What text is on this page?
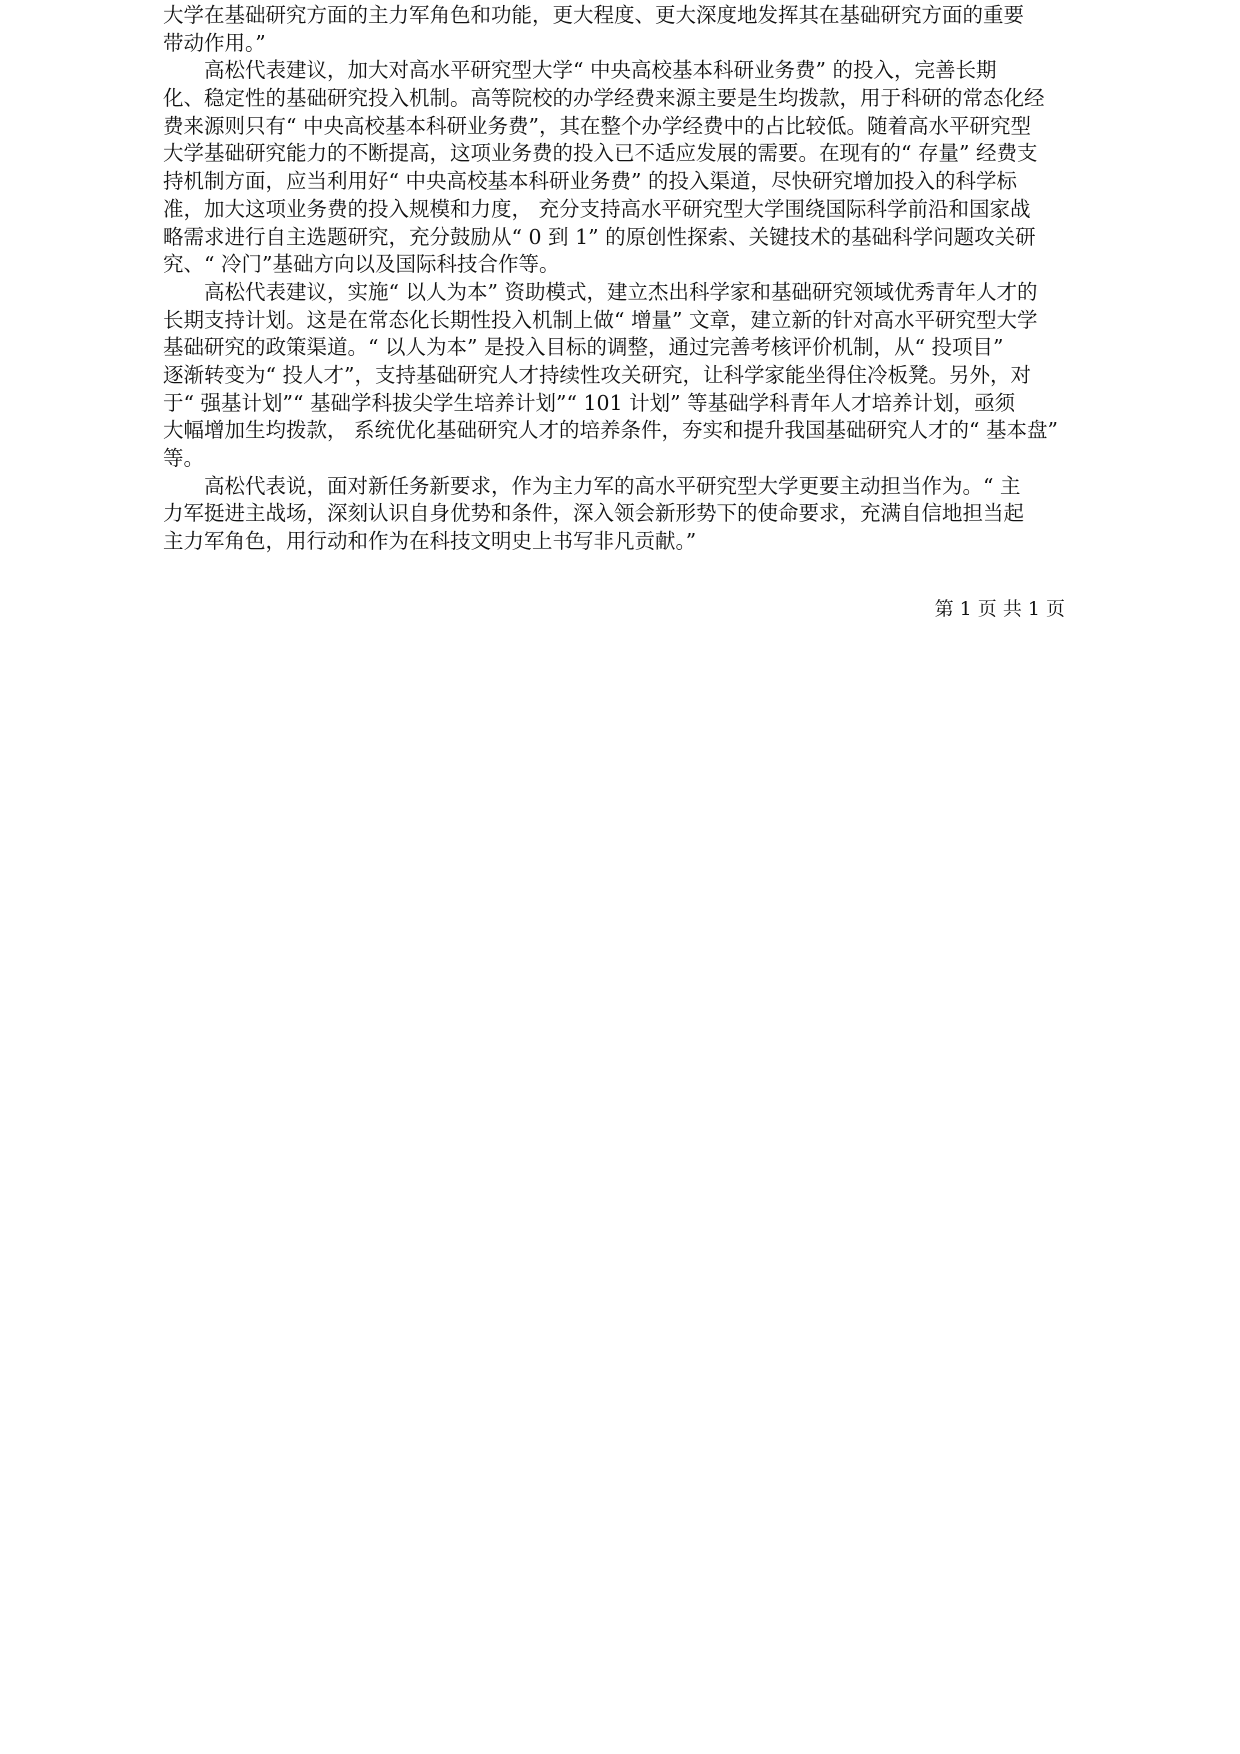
大学在基础研究方面的主力军角色和功能，更大程度、更大深度地发挥其在基础研究方面的重要
带动作用。”
　　高松代表建议，加大对高水平研究型大学“ 中央高校基本科研业务费” 的投入，完善长期
化、稳定性的基础研究投入机制。高等院校的办学经费来源主要是生均拨款，用于科研的常态化经
费来源则只有“ 中央高校基本科研业务费”，其在整个办学经费中的占比较低。随着高水平研究型
大学基础研究能力的不断提高，这项业务费的投入已不适应发展的需要。在现有的“ 存量” 经费支
持机制方面，应当利用好“ 中央高校基本科研业务费” 的投入渠道，尽快研究增加投入的科学标
准，加大这项业务费的投入规模和力度， 充分支持高水平研究型大学围绕国际科学前沿和国家战
略需求进行自主选题研究，充分鼓励从“ 0 到 1” 的原创性探索、关键技术的基础科学问题攻关研
究、“ 冷门”基础方向以及国际科技合作等。
　　高松代表建议，实施“ 以人为本” 资助模式，建立杰出科学家和基础研究领域优秀青年人才的
长期支持计划。这是在常态化长期性投入机制上做“ 增量” 文章，建立新的针对高水平研究型大学
基础研究的政策渠道。“ 以人为本” 是投入目标的调整，通过完善考核评价机制，从“ 投项目”
逐渐转变为“ 投人才”，支持基础研究人才持续性攻关研究，让科学家能坐得住冷板凳。另外，对
于“ 强基计划”“ 基础学科拔尖学生培养计划”“ 101 计划” 等基础学科青年人才培养计划，亟须
大幅增加生均拨款， 系统优化基础研究人才的培养条件，夯实和提升我国基础研究人才的“ 基本盘”
等。
　　高松代表说，面对新任务新要求，作为主力军的高水平研究型大学更要主动担当作为。“ 主
力军挺进主战场，深刻认识自身优势和条件，深入领会新形势下的使命要求，充满自信地担当起
主力军角色，用行动和作为在科技文明史上书写非凡贡献。”
第 1 页 共 1 页
